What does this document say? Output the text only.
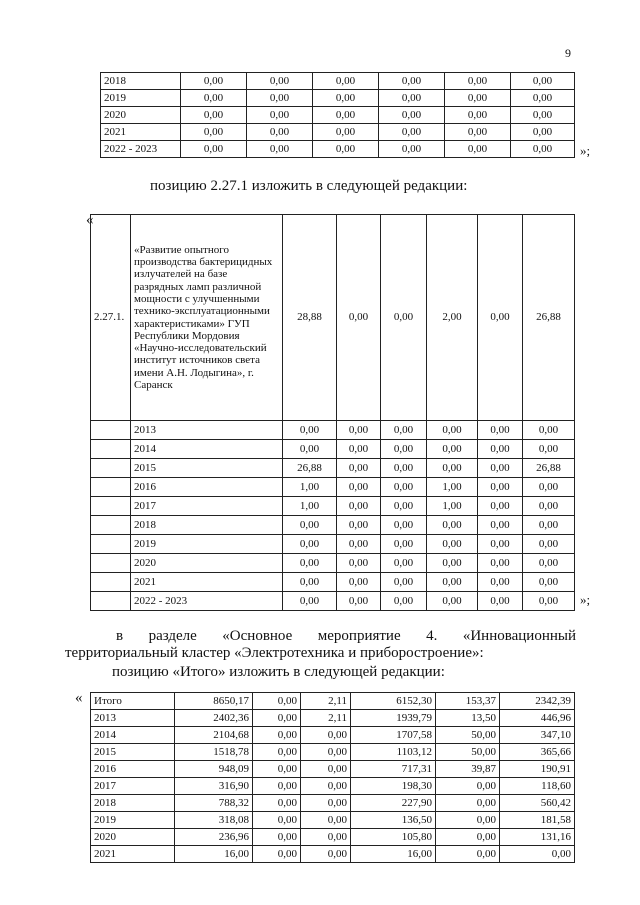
9
2018	0,00	0,00	0,00	0,00	0,00	0,00
2019	0,00	0,00	0,00	0,00	0,00	0,00
2020	0,00	0,00	0,00	0,00	0,00	0,00
2021	0,00	0,00	0,00	0,00	0,00	0,00
2022 - 2023	0,00	0,00	0,00	0,00	0,00	0,00 »;
позицию 2.27.1 изложить в следующей редакции:
«
2.27.1.	«Развитие опытного производства бактерицидных излучателей на базе разрядных ламп различной мощности с улучшенными технико-эксплуатационными характеристиками» ГУП Республики Мордовия «Научно-исследовательский институт источников света имени А.Н. Лодыгина», г. Саранск	28,88	0,00	0,00	2,00	0,00	26,88
	2013	0,00	0,00	0,00	0,00	0,00	0,00
	2014	0,00	0,00	0,00	0,00	0,00	0,00
	2015	26,88	0,00	0,00	0,00	0,00	26,88
	2016	1,00	0,00	0,00	1,00	0,00	0,00
	2017	1,00	0,00	0,00	1,00	0,00	0,00
	2018	0,00	0,00	0,00	0,00	0,00	0,00
	2019	0,00	0,00	0,00	0,00	0,00	0,00
	2020	0,00	0,00	0,00	0,00	0,00	0,00
	2021	0,00	0,00	0,00	0,00	0,00	0,00
	2022 - 2023	0,00	0,00	0,00	0,00	0,00	0,00 »;
в разделе «Основное мероприятие 4. «Инновационный
территориальный кластер «Электротехника и приборостроение»:
позицию «Итого» изложить в следующей редакции:
« Итого	8650,17	0,00	2,11	6152,30	153,37	2342,39
2013	2402,36	0,00	2,11	1939,79	13,50	446,96
2014	2104,68	0,00	0,00	1707,58	50,00	347,10
2015	1518,78	0,00	0,00	1103,12	50,00	365,66
2016	948,09	0,00	0,00	717,31	39,87	190,91
2017	316,90	0,00	0,00	198,30	0,00	118,60
2018	788,32	0,00	0,00	227,90	0,00	560,42
2019	318,08	0,00	0,00	136,50	0,00	181,58
2020	236,96	0,00	0,00	105,80	0,00	131,16
2021	16,00	0,00	0,00	16,00	0,00	0,00
